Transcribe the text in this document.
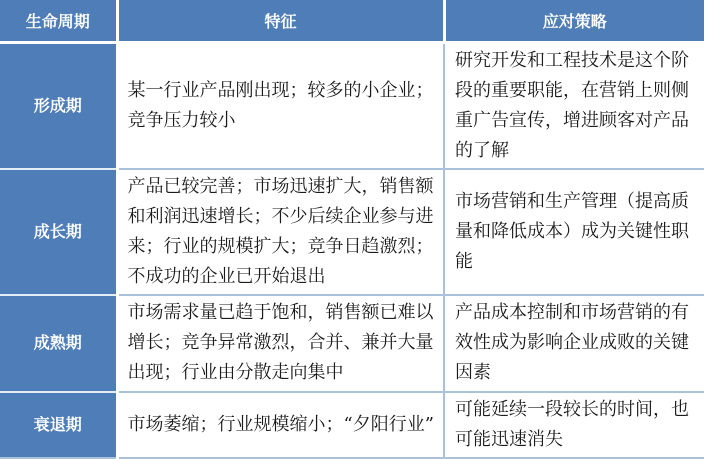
生命周期	特征	应对策略
形成期	某一行业产品刚出现；较多的小企业；竞争压力较小	研究开发和工程技术是这个阶段的重要职能，在营销上则侧重广告宣传，增进顾客对产品的了解
成长期	产品已较完善；市场迅速扩大，销售额和利润迅速增长；不少后续企业参与进来；行业的规模扩大；竞争日趋激烈；不成功的企业已开始退出	市场营销和生产管理（提高质量和降低成本）成为关键性职能
成熟期	市场需求量已趋于饱和，销售额已难以增长；竞争异常激烈，合并、兼并大量出现；行业由分散走向集中	产品成本控制和市场营销的有效性成为影响企业成败的关键因素
衰退期	市场萎缩；行业规模缩小；“夕阳行业”	可能延续一段较长的时间，也可能迅速消失
